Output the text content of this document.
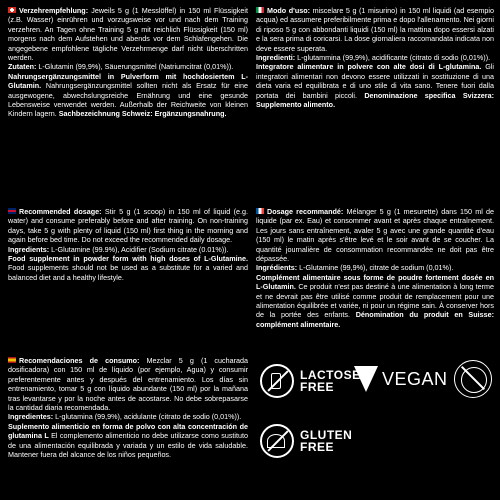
Verzehrempfehlung: Jeweils 5 g (1 Messlöffel) in 150 ml Flüssigkeit (z.B. Wasser) einrühren und vorzugsweise vor und nach dem Training verzehren. An Tagen ohne Training 5 g mit reichlich Flüssigkeit (150 ml) morgens nach dem Aufstehen und abends vor dem Schlafengehen. Die angegebene empfohlene tägliche Verzehrmenge darf nicht überschritten werden.
Zutaten: L-Glutamin (99,9%), Säuerungsmittel (Natriumcitrat (0,01%)).
Nahrungsergänzungsmittel in Pulverform mit hochdosiertem L-Glutamin. Nahrungsergänzungsmittel sollten nicht als Ersatz für eine ausgewogene, abwechslungsreiche Ernährung und eine gesunde Lebensweise verwendet werden. Außerhalb der Reichweite von kleinen Kindern lagern. Sachbezeichnung Schweiz: Ergänzungsnahrung.

Recommended dosage: Stir 5 g (1 scoop) in 150 ml of liquid (e.g. water) and consume preferably before and after training. On non-training days, take 5 g with plenty of liquid (150 ml) first thing in the morning and again before bed time. Do not exceed the recommended daily dosage.
Ingredients: L-Glutamine (99.9%), Acidifier (Sodium citrate (0.01%)).
Food supplement in powder form with high doses of L-Glutamine. Food supplements should not be used as a substitute for a varied and balanced diet and a healthy lifestyle.

Recomendaciones de consumo: Mezclar 5 g (1 cucharada dosificadora) con 150 ml de líquido (por ejemplo, Agua) y consumir preferentemente antes y después del entrenamiento. Los días sin entrenamiento, tomar 5 g con líquido abundante (150 ml) por la mañana tras levantarse y por la noche antes de acostarse. No debe sobrepasarse la cantidad diaria recomendada.
Ingredientes: L-glutamina (99,9%), acidulante (citrato de sodio (0,01%)).
Suplemento alimenticio en forma de polvo con alta concentración de glutamina L El complemento alimenticio no debe utilizarse como sustituto de una alimentación equilibrada y variada y un estilo de vida saludable. Mantener fuera del alcance de los niños pequeños.

Modo d'uso: miscelare 5 g (1 misurino) in 150 ml liquidi (ad esempio acqua) ed assumere preferibilmente prima e dopo l'allenamento. Nei giorni di riposo 5 g con abbondanti liquidi (150 ml) la mattina dopo essersi alzati e la sera prima di coricarsi. La dose giornaliera raccomandata indicata non deve essere superata.
Ingredienti: L-glutammina (99,9%), acidificante (citrato di sodio (0,01%)).
Integratore alimentare in polvere con alte dosi di L-glutamina. Gli integratori alimentari non devono essere utilizzati in sostituzione di una dieta varia ed equilibrata e di uno stile di vita sano. Tenere fuori dalla portata dei bambini piccoli. Denominazione specifica Svizzera: Supplemento alimento.

Dosage recommandé: Mélanger 5 g (1 mesurette) dans 150 ml de liquide (par ex. Eau) et consommer avant et après chaque entraînement. Les jours sans entraînement, avaler 5 g avec une grande quantité d'eau (150 ml) le matin après s'être levé et le soir avant de se coucher. La quantité journalière de consommation recommandée ne doit pas être dépassée.
Ingrédients: L-Glutamine (99,9%), citrate de sodium (0,01%).
Complément alimentaire sous forme de poudre fortement dosée en L-Glutamin. Ce produit n'est pas destiné à une alimentation à long terme et ne devrait pas être utilisé comme produit de remplacement pour une alimentation équilibrée et variée, ni pour un régime sain. À conserver hors de la portée des enfants. Dénomination du produit en Suisse: complément alimentaire.

LACTOSE
FREE	VEGAN
GLUTEN
FREE
